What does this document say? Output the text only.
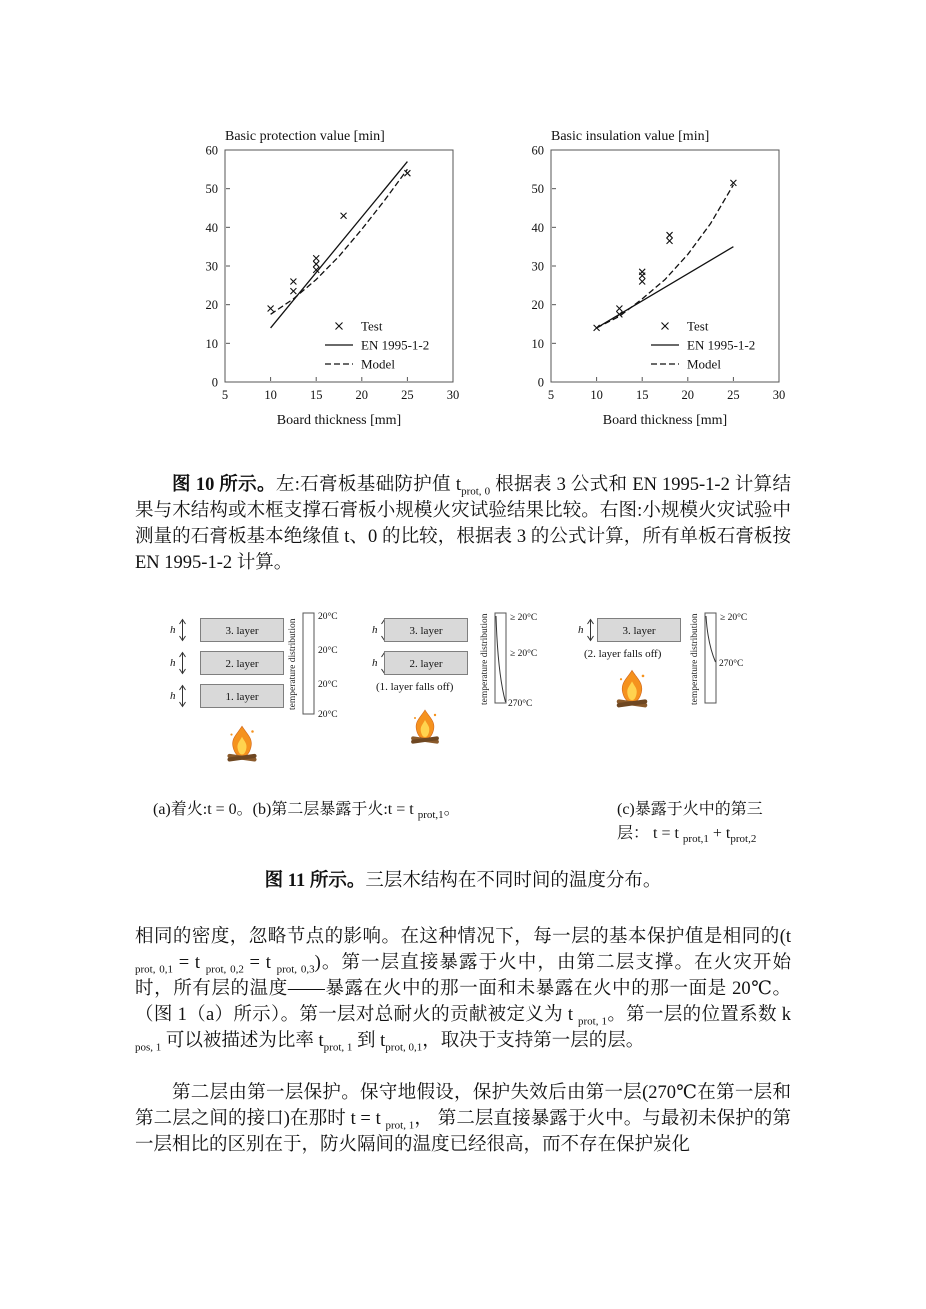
Basic protection value [min]
0
10
20
30
40
50
60
5	10	15	20	25	30
Board thickness [mm]
Test
EN 1995-1-2
Model
Basic insulation value [min]
0
10
20
30
40
50
60
5	10	15	20	25	30
Board thickness [mm]
Test
EN 1995-1-2
Model

图 10 所示。左:石膏板基础防护值 $t_{prot, 0}$ 根据表 3 公式和 EN 1995-1-2 计算结果与木结构或木框支撑石膏板小规模火灾试验结果比较。右图:小规模火灾试验中测量的石膏板基本绝缘值 t、0 的比较，根据表 3 的公式计算，所有单板石膏板按 EN 1995-1-2 计算。

h
h
h
3. layer
2. layer
1. layer	temperature distribution
20°C
20°C
20°C
20°C
h
h
3. layer
2. layer
(1. layer falls off)	temperature distribution ≥ 20°C
≥ 20°C
270°C
h	3. layer
(2. layer falls off)	temperature distribution ≥ 20°C
270°C
(a)着火:t = 0。(b)第二层暴露于火:t = t $_{prot,1}$。	(c)暴露于火中的第三层： t = t $_{prot,1} + t_{prot,2}$

图 11 所示。三层木结构在不同时间的温度分布。

相同的密度，忽略节点的影响。在这种情况下，每一层的基本保护值是相同的(t $_{prot, 0,1}$ = t $_{prot, 0,2}$ = t $_{prot, 0,3}$)。第一层直接暴露于火中，由第二层支撑。在火灾开始时，所有层的温度——暴露在火中的那一面和未暴露在火中的那一面是 20℃。（图 1（a）所示）。第一层对总耐火的贡献被定义为 t $_{prot, 1}$。第一层的位置系数 k $_{pos, 1}$ 可以被描述为比率 $t_{prot, 1}$ 到 $t_{prot, 0,1}$，取决于支持第一层的层。

第二层由第一层保护。保守地假设，保护失效后由第一层(270℃在第一层和第二层之间的接口)在那时 t = t $_{prot, 1}$， 第二层直接暴露于火中。与最初未保护的第一层相比的区别在于，防火隔间的温度已经很高，而不存在保护炭化
